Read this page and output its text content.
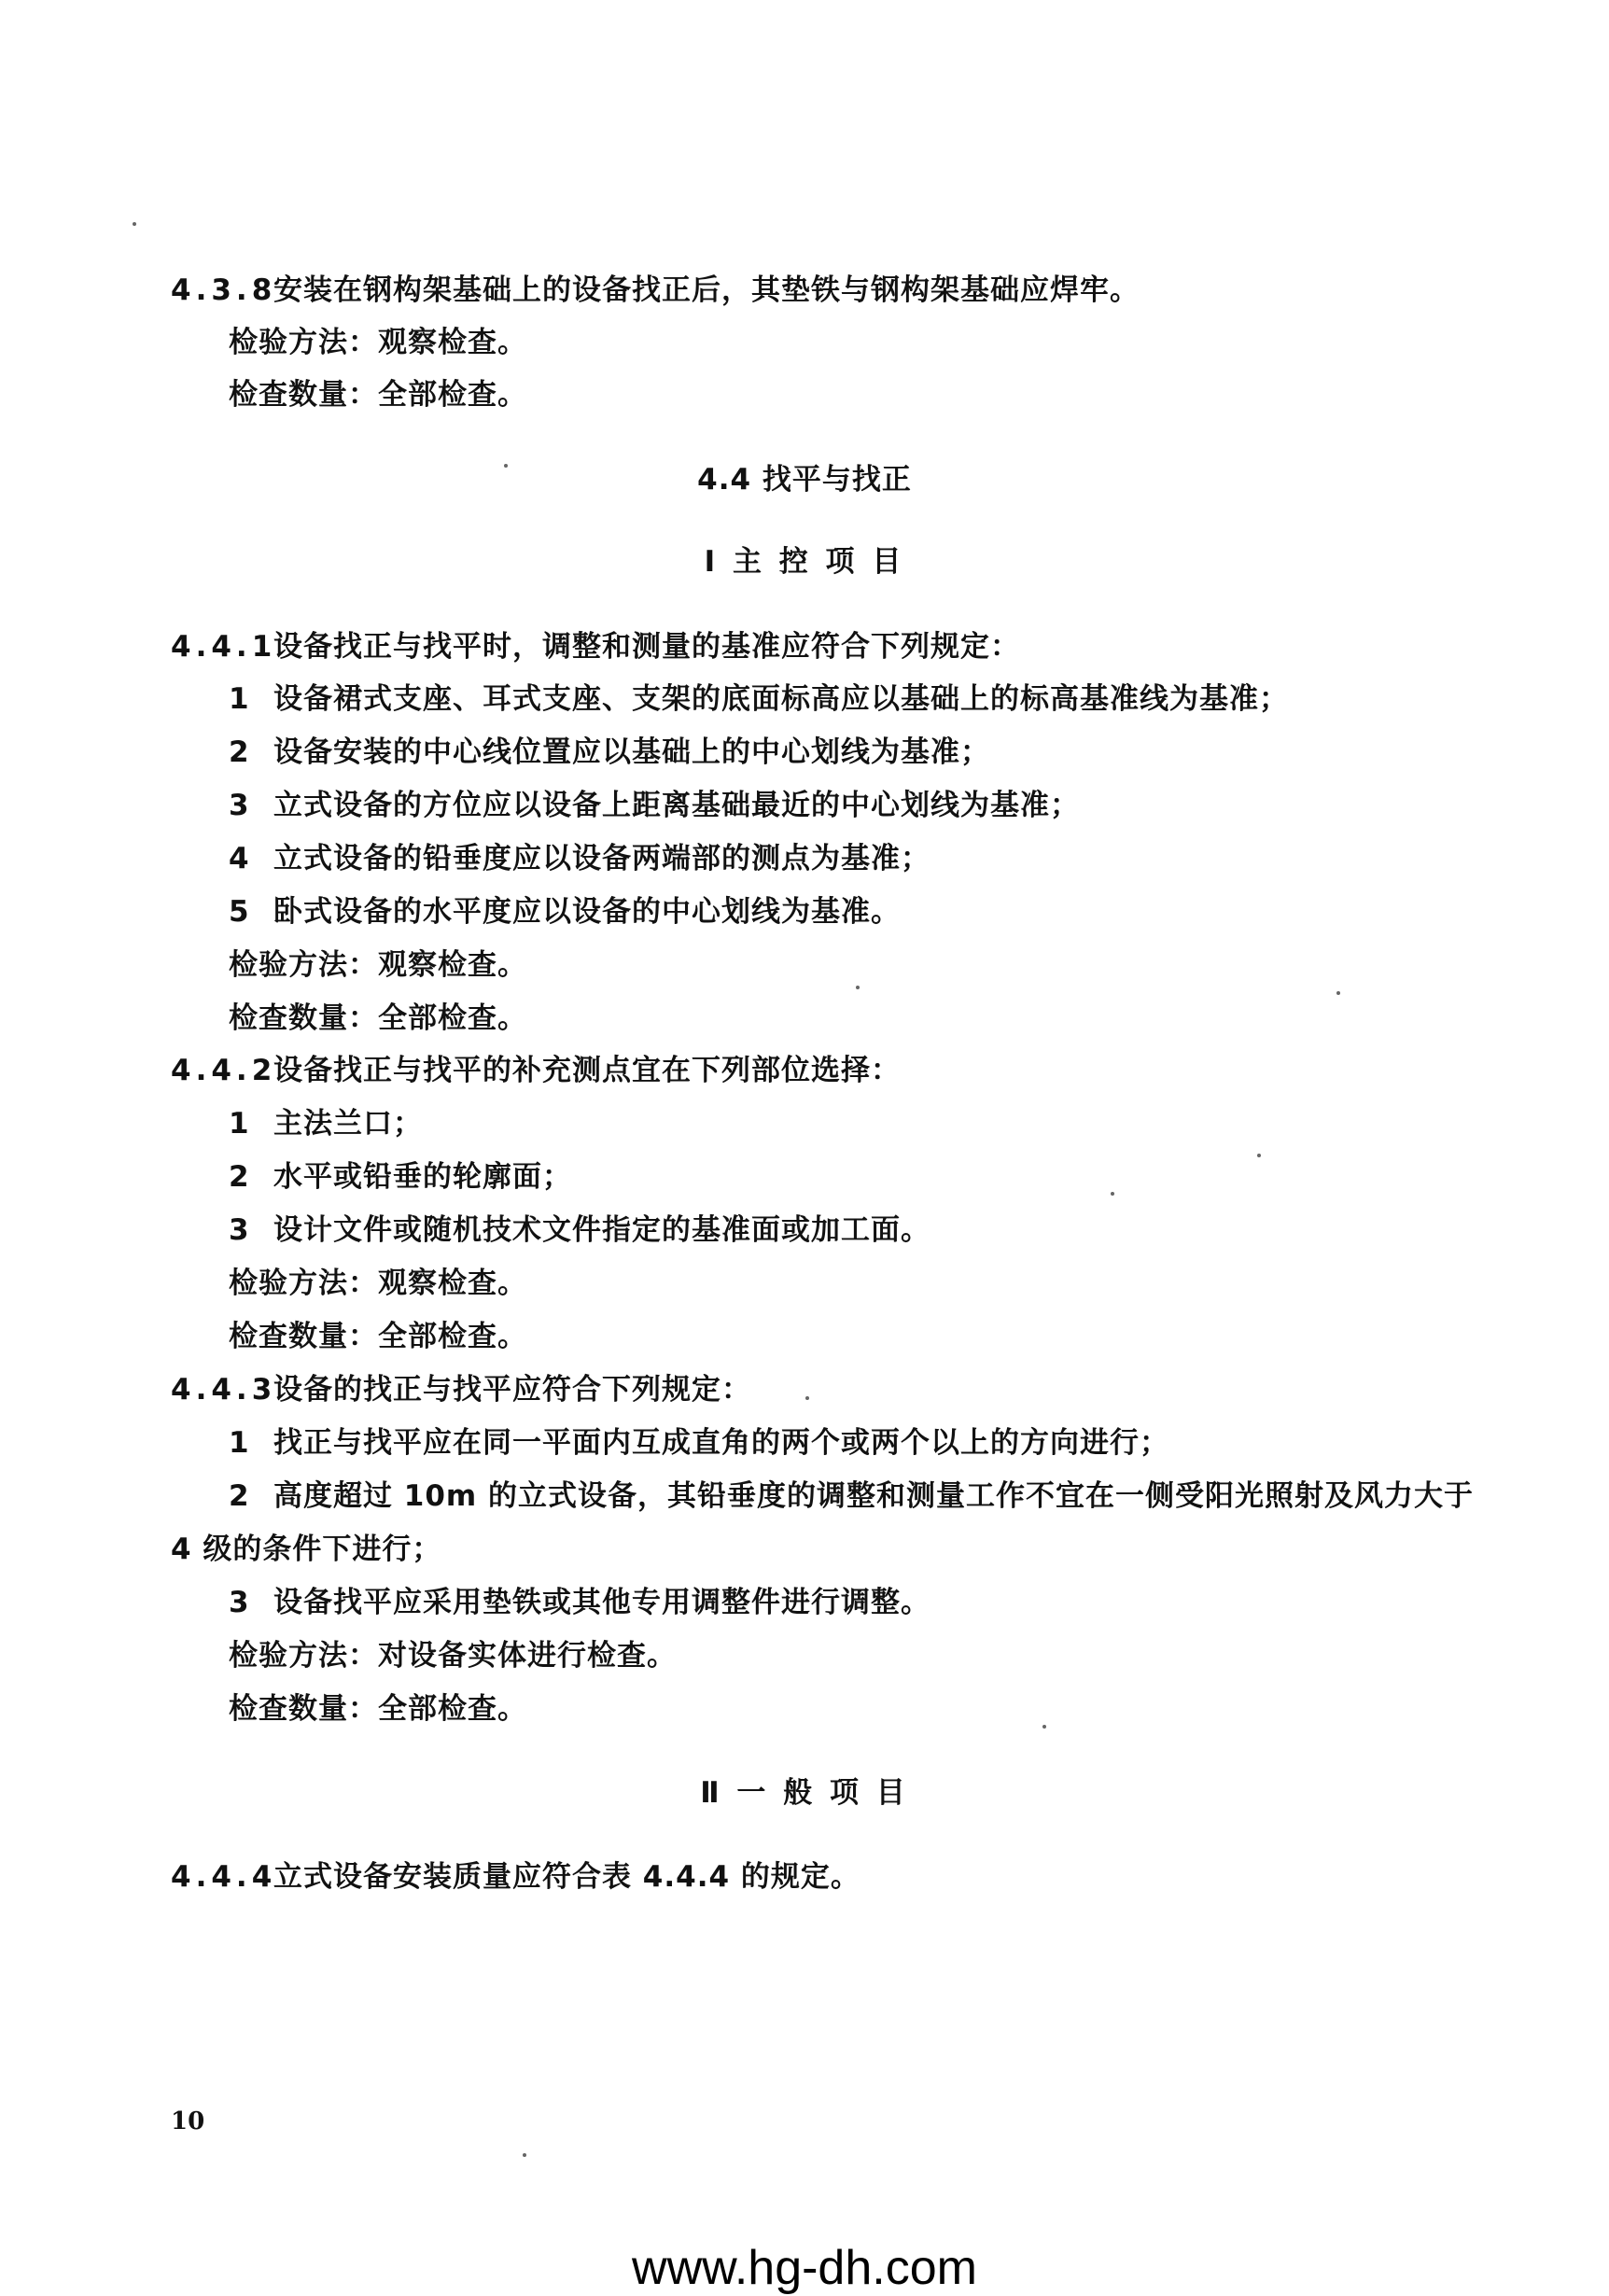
4.3.8
安装在钢构架基础上的设备找正后，其垫铁与钢构架基础应焊牢。
检验方法：观察检查。
检查数量：全部检查。
4.4 找平与找正
Ⅰ 主 控 项 目
4.4.1
设备找正与找平时，调整和测量的基准应符合下列规定：
1 设备裙式支座、耳式支座、支架的底面标高应以基础上的标高基准线为基准；
2 设备安装的中心线位置应以基础上的中心划线为基准；
3 立式设备的方位应以设备上距离基础最近的中心划线为基准；
4 立式设备的铅垂度应以设备两端部的测点为基准；
5 卧式设备的水平度应以设备的中心划线为基准。
检验方法：观察检查。
检查数量：全部检查。
4.4.2
设备找正与找平的补充测点宜在下列部位选择：
1 主法兰口；
2 水平或铅垂的轮廓面；
3 设计文件或随机技术文件指定的基准面或加工面。
检验方法：观察检查。
检查数量：全部检查。
4.4.3
设备的找正与找平应符合下列规定：
1 找正与找平应在同一平面内互成直角的两个或两个以上的方向进行；
2 高度超过 10m 的立式设备，其铅垂度的调整和测量工作不宜在一侧受阳光照射及风力大于
4 级的条件下进行；
3 设备找平应采用垫铁或其他专用调整件进行调整。
检验方法：对设备实体进行检查。
检查数量：全部检查。
Ⅱ 一 般 项 目
4.4.4
立式设备安装质量应符合表 4.4.4 的规定。
10
www.hg-dh.com
